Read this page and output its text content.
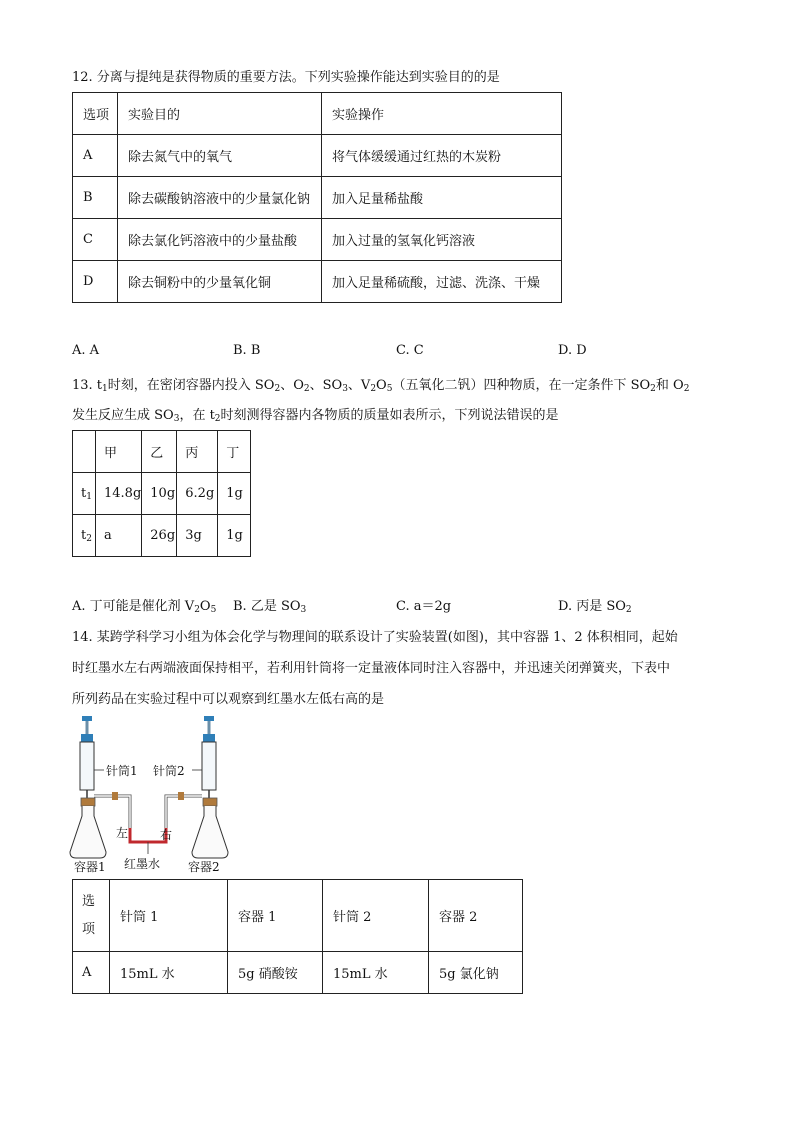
12. 分离与提纯是获得物质的重要方法。下列实验操作能达到实验目的的是
选项	实验目的	实验操作
A	除去氮气中的氧气	将气体缓缓通过红热的木炭粉
B	除去碳酸钠溶液中的少量氯化钠	加入足量稀盐酸
C	除去氯化钙溶液中的少量盐酸	加入过量的氢氧化钙溶液
D	除去铜粉中的少量氧化铜	加入足量稀硫酸，过滤、洗涤、干燥
A. A	B. B	C. C	D. D
13. $t_1$时刻，在密闭容器内投入 $SO_2$、$O_2$、$SO_3$、$V_2O_5$（五氧化二钒）四种物质，在一定条件下 $SO_2$和 $O_2$
发生反应生成 $SO_3$，在 $t_2$时刻测得容器内各物质的质量如表所示，下列说法错误的是
	甲	乙	丙	丁
$t_1$	14.8g	10g	6.2g	1g
$t_2$	a	26g	3g	1g
A. 丁可能是催化剂 $V_2O_5$ B. 乙是 $SO_3$	C. a＝2g	D. 丙是 $SO_2$
14. 某跨学科学习小组为体会化学与物理间的联系设计了实验装置(如图)，其中容器 1、2 体积相同，起始
时红墨水左右两端液面保持相平，若利用针筒将一定量液体同时注入容器中，并迅速关闭弹簧夹，下表中
所列药品在实验过程中可以观察到红墨水左低右高的是
针筒1 针筒2
左	右
红墨水
容器1	容器2
选
项	针筒 1	容器 1	针筒 2	容器 2
A	15mL 水	5g 硝酸铵	15mL 水	5g 氯化钠
